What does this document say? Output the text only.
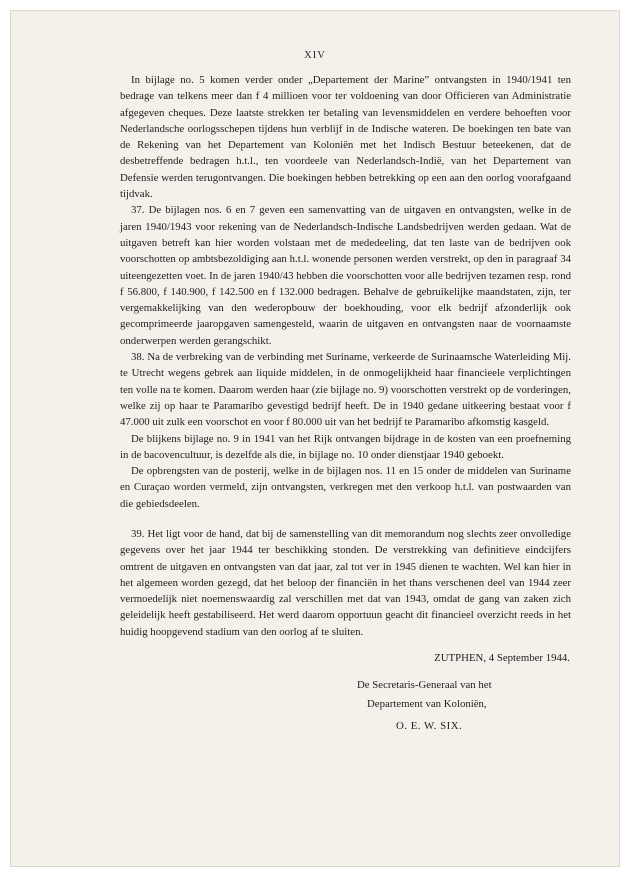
XIV

In bijlage no. 5 komen verder onder „Departement der Marine” ontvangsten in 1940/1941 ten bedrage van telkens meer dan f 4 millioen voor ter voldoening van door Officieren van Administratie afgegeven cheques. Deze laatste strekken ter betaling van levensmiddelen en verdere behoeften voor Nederlandsche oorlogsschepen tijdens hun verblijf in de Indische wateren. De boekingen ten bate van de Rekening van het Departement van Koloniën met het Indisch Bestuur beteekenen, dat de desbetreffende bedragen h.t.l., ten voordeele van Nederlandsch-Indië, van het Departement van Defensie werden terugontvangen. Die boekingen hebben betrekking op een aan den oorlog voorafgaand tijdvak.

37. De bijlagen nos. 6 en 7 geven een samenvatting van de uitgaven en ontvangsten, welke in de jaren 1940/1943 voor rekening van de Nederlandsch-Indische Landsbedrijven werden gedaan. Wat de uitgaven betreft kan hier worden volstaan met de mededeeling, dat ten laste van de bedrijven ook voorschotten op ambtsbezoldiging aan h.t.l. wonende personen werden verstrekt, op den in paragraaf 34 uiteengezetten voet. In de jaren 1940/43 hebben die voorschotten voor alle bedrijven tezamen resp. rond f 56.800, f 140.900, f 142.500 en f 132.000 bedragen. Behalve de gebruikelijke maandstaten, zijn, ter vergemakkelijking van den wederopbouw der boekhouding, voor elk bedrijf afzonderlijk ook gecomprimeerde jaaropgaven samengesteld, waarin de uitgaven en ontvangsten naar de voornaamste onderwerpen werden gerangschikt.

38. Na de verbreking van de verbinding met Suriname, verkeerde de Surinaamsche Waterleiding Mij. te Utrecht wegens gebrek aan liquide middelen, in de onmogelijkheid haar financieele verplichtingen ten volle na te komen. Daarom werden haar (zie bijlage no. 9) voorschotten verstrekt op de vorderingen, welke zij op haar te Paramaribo gevestigd bedrijf heeft. De in 1940 gedane uitkeering bestaat voor f 47.000 uit zulk een voorschot en voor f 80.000 uit van het bedrijf te Paramaribo afkomstig kasgeld.

De blijkens bijlage no. 9 in 1941 van het Rijk ontvangen bijdrage in de kosten van een proefneming in de bacovencultuur, is dezelfde als die, in bijlage no. 10 onder dienstjaar 1940 geboekt.

De opbrengsten van de posterij, welke in de bijlagen nos. 11 en 15 onder de middelen van Suriname en Curaçao worden vermeld, zijn ontvangsten, verkregen met den verkoop h.t.l. van postwaarden van die gebiedsdeelen.

39. Het ligt voor de hand, dat bij de samenstelling van dit memorandum nog slechts zeer onvolledige gegevens over het jaar 1944 ter beschikking stonden. De verstrekking van definitieve eindcijfers omtrent de uitgaven en ontvangsten van dat jaar, zal tot ver in 1945 dienen te wachten. Wel kan hier in het algemeen worden gezegd, dat het beloop der financiën in het thans verschenen deel van 1944 zeer vermoedelijk niet noemenswaardig zal verschillen met dat van 1943, omdat de gang van zaken zich geleidelijk heeft gestabiliseerd. Het werd daarom opportuun geacht dit financieel overzicht reeds in het huidig hoopgevend stadium van den oorlog af te sluiten.

ZUTPHEN, 4 September 1944.
De Secretaris-Generaal van het
Departement van Koloniën,
O. E. W. SIX.
